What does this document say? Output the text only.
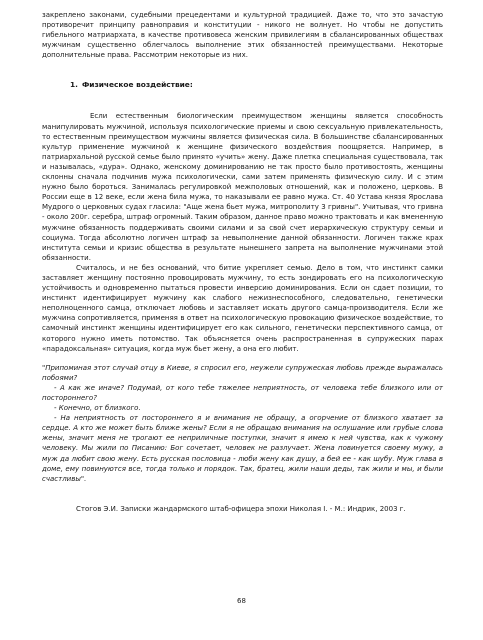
закреплено законами, судебными прецедентами и культурной традицией. Даже то, что это зачастую противоречит принципу равноправия и конституции - никого не волнует. Но чтобы не допустить гибельного матриархата, в качестве противовеса женским привилегиям в сбалансированных обществах мужчинам существенно облегчалось выполнение этих обязанностей преимуществами. Некоторые дополнительные права. Рассмотрим некоторые из них.

1. Физическое воздействие:

Если естественным биологическим преимуществом женщины является способность манипулировать мужчиной, используя психологические приемы и свою сексуальную привлекательность, то естественным преимуществом мужчины является физическая сила. В большинстве сбалансированных культур применение мужчиной к женщине физического воздействия поощряется. Например, в патриархальной русской семье было принято «учить» жену. Даже плетка специальная существовала, так и называлась, «дура». Однако, женскому доминированию не так просто было противостоять, женщины склонны сначала подчинив мужа психологически, сами затем применять физическую силу. И с этим нужно было бороться. Занималась регулировкой межполовых отношений, как и положено, церковь. В России еще в 12 веке, если жена била мужа, то наказывали ее равно мужа. Ст. 40 Устава князя Ярослава Мудрого о церковных судах гласила: "Аще жена бьет мужа, митрополиту 3 гривны". Учитывая, что гривна - около 200г. серебра, штраф огромный. Таким образом, данное право можно трактовать и как вмененную мужчине обязанность поддерживать своими силами и за свой счет иерархическую структуру семьи и социума. Тогда абсолютно логичен штраф за невыполнение данной обязанности. Логичен также крах института семьи и кризис общества в результате нынешнего запрета на выполнение мужчинами этой обязанности.

Считалось, и не без оснований, что битие укрепляет семью. Дело в том, что инстинкт самки заставляет женщину постоянно провоцировать мужчину, то есть зондировать его на психологическую устойчивость и одновременно пытаться провести инверсию доминирования. Если он сдает позиции, то инстинкт идентифицирует мужчину как слабого нежизнеспособного, следовательно, генетически неполноценного самца, отключает любовь и заставляет искать другого самца-производителя. Если же мужчина сопротивляется, применяя в ответ на психологическую провокацию физическое воздействие, то самочный инстинкт женщины идентифицирует его как сильного, генетически перспективного самца, от которого нужно иметь потомство. Так объясняется очень распространенная в супружеских парах «парадоксальная» ситуация, когда муж бьет жену, а она его любит.

"Припоминая этот случай отцу в Киеве, я спросил его, неужели супружеская любовь прежде выражалась побоями?

- А как же иначе? Подумай, от кого тебе тяжелее неприятность, от человека тебе близкого или от постороннего?

- Конечно, от близкого.

- На неприятность от постороннего я и внимания не обращу, а огорчение от близкого хватает за сердце. А кто же может быть ближе жены? Если я не обращаю внимания на ослушание или грубые слова жены, значит меня не трогают ее неприличные поступки, значит я имею к ней чувства, как к чужому человеку. Мы жили по Писанию: Бог сочетает, человек не разлучает. Жена повинуется своему мужу, а муж да любит свою жену. Есть русская пословица - люби жену как душу, а бей ее - как шубу. Муж глава в доме, ему повинуются все, тогда только и порядок. Так, братец, жили наши деды, так жили и мы, и были счастливы".

Стогов Э.И. Записки жандармского штаб-офицера эпохи Николая I. - М.: Индрик, 2003 г.

68
